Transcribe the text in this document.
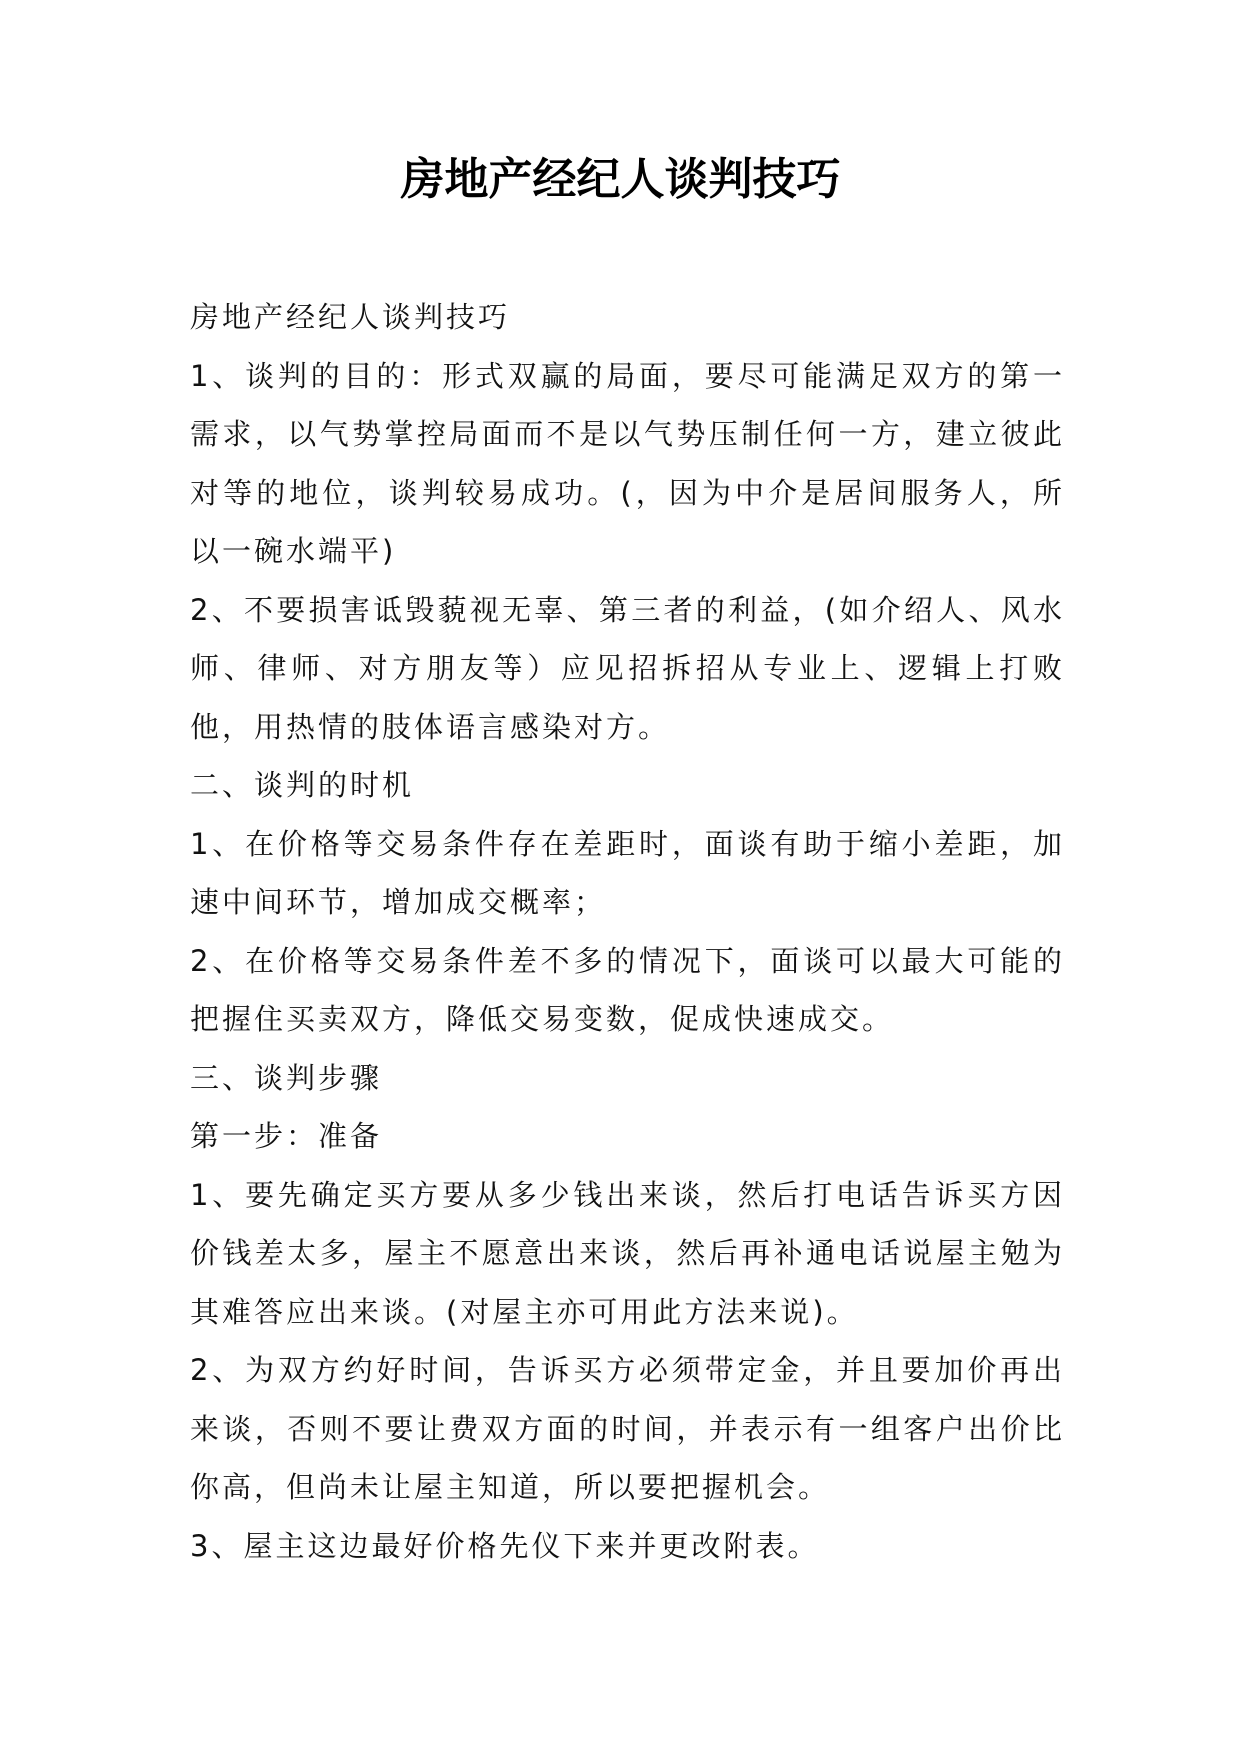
房地产经纪人谈判技巧

房地产经纪人谈判技巧

1、谈判的目的：形式双赢的局面，要尽可能满足双方的第一需求，以气势掌控局面而不是以气势压制任何一方，建立彼此对等的地位，谈判较易成功。(，因为中介是居间服务人，所以一碗水端平)

2、不要损害诋毁藐视无辜、第三者的利益，(如介绍人、风水师、律师、对方朋友等）应见招拆招从专业上、逻辑上打败他，用热情的肢体语言感染对方。

二、谈判的时机

1、在价格等交易条件存在差距时，面谈有助于缩小差距，加速中间环节，增加成交概率；

2、在价格等交易条件差不多的情况下，面谈可以最大可能的把握住买卖双方，降低交易变数，促成快速成交。

三、谈判步骤

第一步：准备

1、要先确定买方要从多少钱出来谈，然后打电话告诉买方因价钱差太多，屋主不愿意出来谈，然后再补通电话说屋主勉为其难答应出来谈。(对屋主亦可用此方法来说)。

2、为双方约好时间，告诉买方必须带定金，并且要加价再出来谈，否则不要让费双方面的时间，并表示有一组客户出价比你高，但尚未让屋主知道，所以要把握机会。

3、屋主这边最好价格先仪下来并更改附表。
